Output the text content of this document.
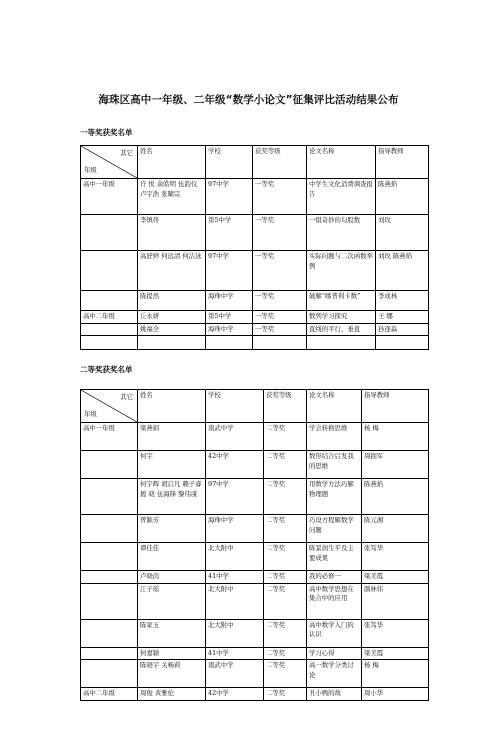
海珠区高中一年级、二年级“数学小论文”征集评比活动结果公布
一等奖获奖名单
其它
年级	姓名	学校	获奖等级	论文名称	指导教师
高中一年级	许 悦 余皓明 伍韵仪 卢宇浩 张曜宗	97中学	一等奖	中学生文化消费调查报告	陈燕焰
	李镇佟	第5中学	一等奖	一组奇妙的勾股数	刘玫
	高舒婷 何远清 何洁泳	97中学	一等奖	实际问题与二次函数举例	刘玫 陈燕焰
	陈提然	海珠中学	一等奖	破解“喀普利卡数”	李成林
高中二年级	丘永妍	第5中学	一等奖	数列学习探究	王 娜
	姚福全	海珠中学	一等奖	直线的平行、垂直	孙逢淼

二等奖获奖名单
其它
年级	姓名	学校	获奖等级	论文名称	指导教师
高中一年级	梁燕娟	南武中学	二等奖	学会转换思维	杨 梅
	何宇	42中学	二等奖	数形结合启发我的思维	周拥军
	何宇辉 胡启凡 赖子睿 揭 晓 伍海锋 黎伟康	97中学	二等奖	用数学方法巧解物理题	陈燕焰
	曾颖芳	海珠中学	二等奖	巧设方程解数学问题	陈元湘
	谭佳佳	北大附中	二等奖	陈景润生平及主要成果	张笃华
	卢晓茵	41中学	二等奖	我的必修一	梁美霞
	江子瑶	北大附中	二等奖	高中数学思想在集合中的应用	颜林伟
	陈家玉	北大附中	二等奖	高中数学入门的认识	张笃华
	何嘉颖	41中学	二等奖	学习心得	梁美霞
	陈晓宇 关畅莉	南武中学	二等奖	高一数学分类讨论	杨 梅
高中二年级	周俊 黄雅伦	42中学	二等奖	丑小鸭的故	周小华
